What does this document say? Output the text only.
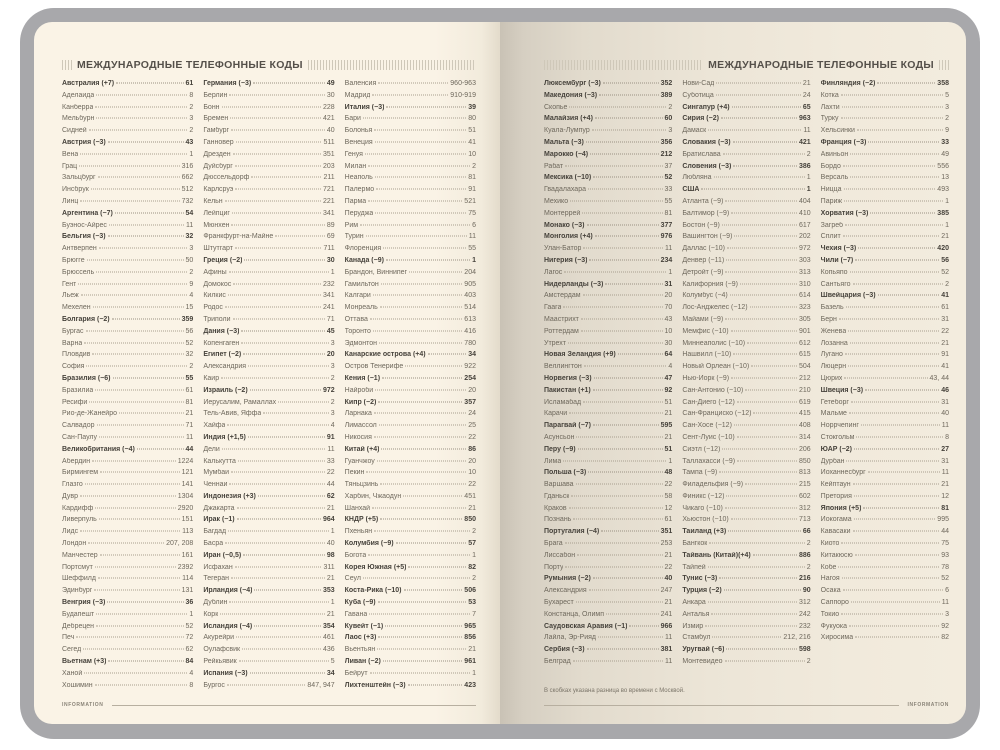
МЕЖДУНАРОДНЫЕ ТЕЛЕФОННЫЕ КОДЫ
Австралия (+7)	61
Аделаида	8
Канберра	2
Мельбурн	3
Сидней	2
Австрия (−3)	43
Вена	1
Грац	316
Зальцбург	662
Инсбрук	512
Линц	732
Аргентина (−7)	54
Буэнос-Айрес	11
Бельгия (−3)	32
Антверпен	3
Брюгге	50
Брюссель	2
Гент	9
Льеж	4
Мехелен	15
Болгария (−2)	359
Бургас	56
Варна	52
Пловдив	32
София	2
Бразилия (−6)	55
Бразилиа	61
Ресифи	81
Рио-де-Жанейро	21
Салвадор	71
Сан-Паулу	11
Великобритания (−4)	44
Абердин	1224
Бирмингем	121
Глазго	141
Дувр	1304
Кардифф	2920
Ливерпуль	151
Лидс	113
Лондон	207, 208
Манчестер	161
Портсмут	2392
Шеффилд	114
Эдинбург	131
Венгрия (−3)	36
Будапешт	1
Дебрецен	52
Печ	72
Сегед	62
Вьетнам (+3)	84
Ханой	4
Хошимин	8
Германия (−3)	49
Берлин	30
Бонн	228
Бремен	421
Гамбург	40
Ганновер	511
Дрезден	351
Дуйсбург	203
Дюссельдорф	211
Карлсруэ	721
Кельн	221
Лейпциг	341
Мюнхен	89
Франкфурт-на-Майне	69
Штутгарт	711
Греция (−2)	30
Афины	1
Домокос	232
Килкис	341
Родос	241
Триполи	71
Дания (−3)	45
Копенгаген	3
Египет (−2)	20
Александрия	3
Каир	2
Израиль (−2)	972
Иерусалим, Рамаллах	2
Тель-Авив, Яффа	3
Хайфа	4
Индия (+1,5)	91
Дели	11
Калькутта	33
Мумбаи	22
Ченнаи	44
Индонезия (+3)	62
Джакарта	21
Ирак (−1)	964
Багдад	1
Басра	40
Иран (−0,5)	98
Исфахан	311
Тегеран	21
Ирландия (−4)	353
Дублин	1
Корк	21
Исландия (−4)	354
Акурейри	461
Оулафсвик	436
Рейкьявик	5
Испания (−3)	34
Бургос	847, 947
Валенсия	960-963
Мадрид	910-919
Италия (−3)	39
Бари	80
Болонья	51
Венеция	41
Генуя	10
Милан	2
Неаполь	81
Палермо	91
Парма	521
Перуджа	75
Рим	6
Турин	11
Флоренция	55
Канада (−9)	1
Брандон, Виннипег	204
Гамильтон	905
Калгари	403
Монреаль	514
Оттава	613
Торонто	416
Эдмонтон	780
Канарские острова (+4)	34
Остров Тенерифе	922
Кения (−1)	254
Найроби	20
Кипр (−2)	357
Ларнака	24
Лимассол	25
Никосия	22
Китай (+4)	86
Гуанчжоу	20
Пекин	10
Тяньцзинь	22
Харбин, Чжаодун	451
Шанхай	21
КНДР (+5)	850
Пхеньян	2
Колумбия (−9)	57
Богота	1
Корея Южная (+5)	82
Сеул	2
Коста-Рика (−10)	506
Куба (−9)	53
Гавана	7
Кувейт (−1)	965
Лаос (+3)	856
Вьентьян	21
Ливан (−2)	961
Бейрут	1
Лихтенштейн (−3)	423
INFORMATION
МЕЖДУНАРОДНЫЕ ТЕЛЕФОННЫЕ КОДЫ
Люксембург (−3)	352
Македония (−3)	389
Скопье	2
Малайзия (+4)	60
Куала-Лумпур	3
Мальта (−3)	356
Марокко (−4)	212
Рабат	37
Мексика (−10)	52
Гвадалахара	33
Мехико	55
Монтеррей	81
Монако (−3)	377
Монголия (+4)	976
Улан-Батор	11
Нигерия (−3)	234
Лагос	1
Нидерланды (−3)	31
Амстердам	20
Гаага	70
Маастрихт	43
Роттердам	10
Утрехт	30
Новая Зеландия (+9)	64
Веллингтон	4
Норвегия (−3)	47
Пакистан (+1)	92
Исламабад	51
Карачи	21
Парагвай (−7)	595
Асунсьон	21
Перу (−9)	51
Лима	1
Польша (−3)	48
Варшава	22
Гданьск	58
Краков	12
Познань	61
Португалия (−4)	351
Брага	253
Лиссабон	21
Порту	22
Румыния (−2)	40
Александрия	247
Бухарест	21
Констанца, Олимп	241
Саудовская Аравия (−1)	966
Лайла, Эр-Рияд	11
Сербия (−3)	381
Белград	11
Нови-Сад	21
Суботица	24
Сингапур (+4)	65
Сирия (−2)	963
Дамаск	11
Словакия (−3)	421
Братислава	2
Словения (−3)	386
Любляна	1
США	1
Атланта (−9)	404
Балтимор (−9)	410
Бостон (−9)	617
Вашингтон (−9)	202
Даллас (−10)	972
Денвер (−11)	303
Детройт (−9)	313
Калифорния (−9)	310
Колумбус (−4)	614
Лос-Анджелес (−12)	323
Майами (−9)	305
Мемфис (−10)	901
Миннеаполис (−10)	612
Нашвилл (−10)	615
Новый Орлеан (−10)	504
Нью-Йорк (−9)	212
Сан-Антонио (−10)	210
Сан-Диего (−12)	619
Сан-Франциско (−12)	415
Сан-Хосе (−12)	408
Сент-Луис (−10)	314
Сиэтл (−12)	206
Таллахасси (−9)	850
Тампа (−9)	813
Филадельфия (−9)	215
Финикс (−12)	602
Чикаго (−10)	312
Хьюстон (−10)	713
Таиланд (+3)	66
Бангкок	2
Тайвань (Китай)(+4)	886
Тайпей	2
Тунис (−3)	216
Турция (−2)	90
Анкара	312
Анталья	242
Измир	232
Стамбул	212, 216
Уругвай (−6)	598
Монтевидео	2
Финляндия (−2)	358
Котка	5
Лахти	3
Турку	2
Хельсинки	9
Франция (−3)	33
Авиньон	49
Бордо	556
Версаль	13
Ницца	493
Париж	1
Хорватия (−3)	385
Загреб	1
Сплит	21
Чехия (−3)	420
Чили (−7)	56
Копьяпо	52
Сантьяго	2
Швейцария (−3)	41
Базель	61
Берн	31
Женева	22
Лозанна	21
Лугано	91
Люцерн	41
Цюрих	43, 44
Швеция (−3)	46
Гетеборг	31
Мальме	40
Норрчепинг	11
Стокгольм	8
ЮАР (−2)	27
Дурбан	31
Йоханнесбург	11
Кейптаун	21
Претория	12
Япония (+5)	81
Йокогама	995
Кавасаки	44
Киото	75
Китакюсю	93
Кобе	78
Нагоя	52
Осака	6
Саппоро	11
Токио	3
Фукуока	92
Хиросима	82
В скобках указана разница во времени с Москвой.
INFORMATION
